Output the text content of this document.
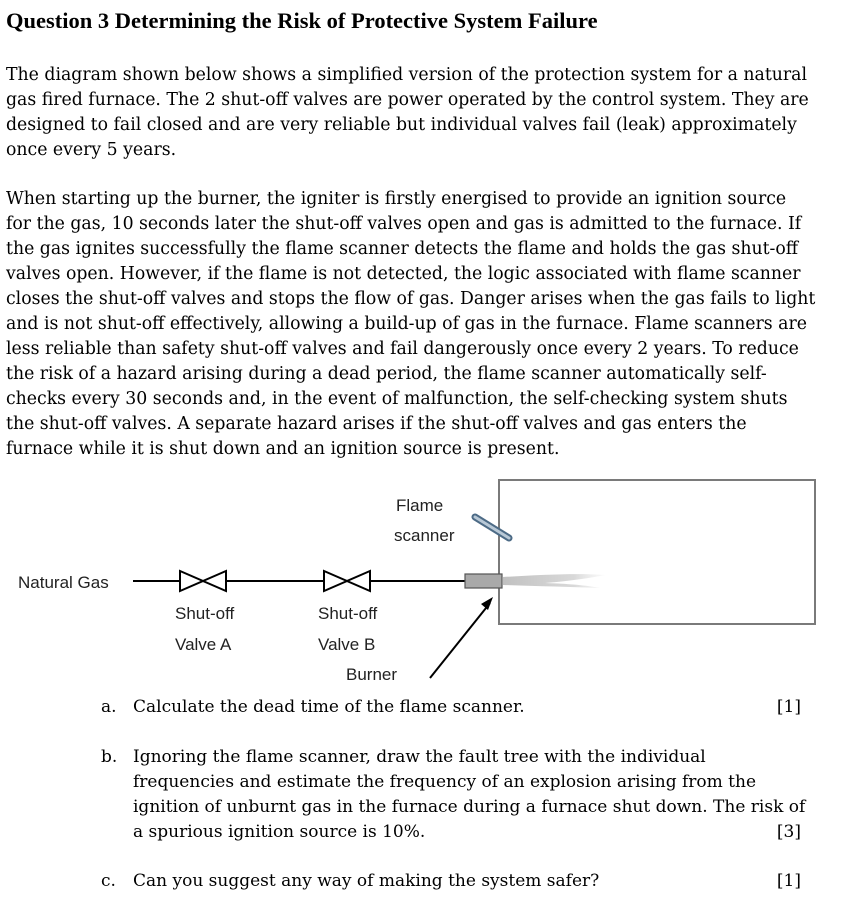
Question 3 Determining the Risk of Protective System Failure

The diagram shown below shows a simplified version of the protection system for a natural
gas fired furnace. The 2 shut-off valves are power operated by the control system. They are
designed to fail closed and are very reliable but individual valves fail (leak) approximately
once every 5 years.

When starting up the burner, the igniter is firstly energised to provide an ignition source
for the gas, 10 seconds later the shut-off valves open and gas is admitted to the furnace. If
the gas ignites successfully the flame scanner detects the flame and holds the gas shut-off
valves open. However, if the flame is not detected, the logic associated with flame scanner
closes the shut-off valves and stops the flow of gas. Danger arises when the gas fails to light
and is not shut-off effectively, allowing a build-up of gas in the furnace. Flame scanners are
less reliable than safety shut-off valves and fail dangerously once every 2 years. To reduce
the risk of a hazard arising during a dead period, the flame scanner automatically self-
checks every 30 seconds and, in the event of malfunction, the self-checking system shuts
the shut-off valves. A separate hazard arises if the shut-off valves and gas enters the
furnace while it is shut down and an ignition source is present.

Natural Gas
Flame
scanner
Shut-off
Valve A
Shut-off
Valve B
Burner
a. Calculate the dead time of the flame scanner.	[1]
b. Ignoring the flame scanner, draw the fault tree with the individual
frequencies and estimate the frequency of an explosion arising from the
ignition of unburnt gas in the furnace during a furnace shut down. The risk of
a spurious ignition source is 10%.	[3]
c. Can you suggest any way of making the system safer?	[1]
